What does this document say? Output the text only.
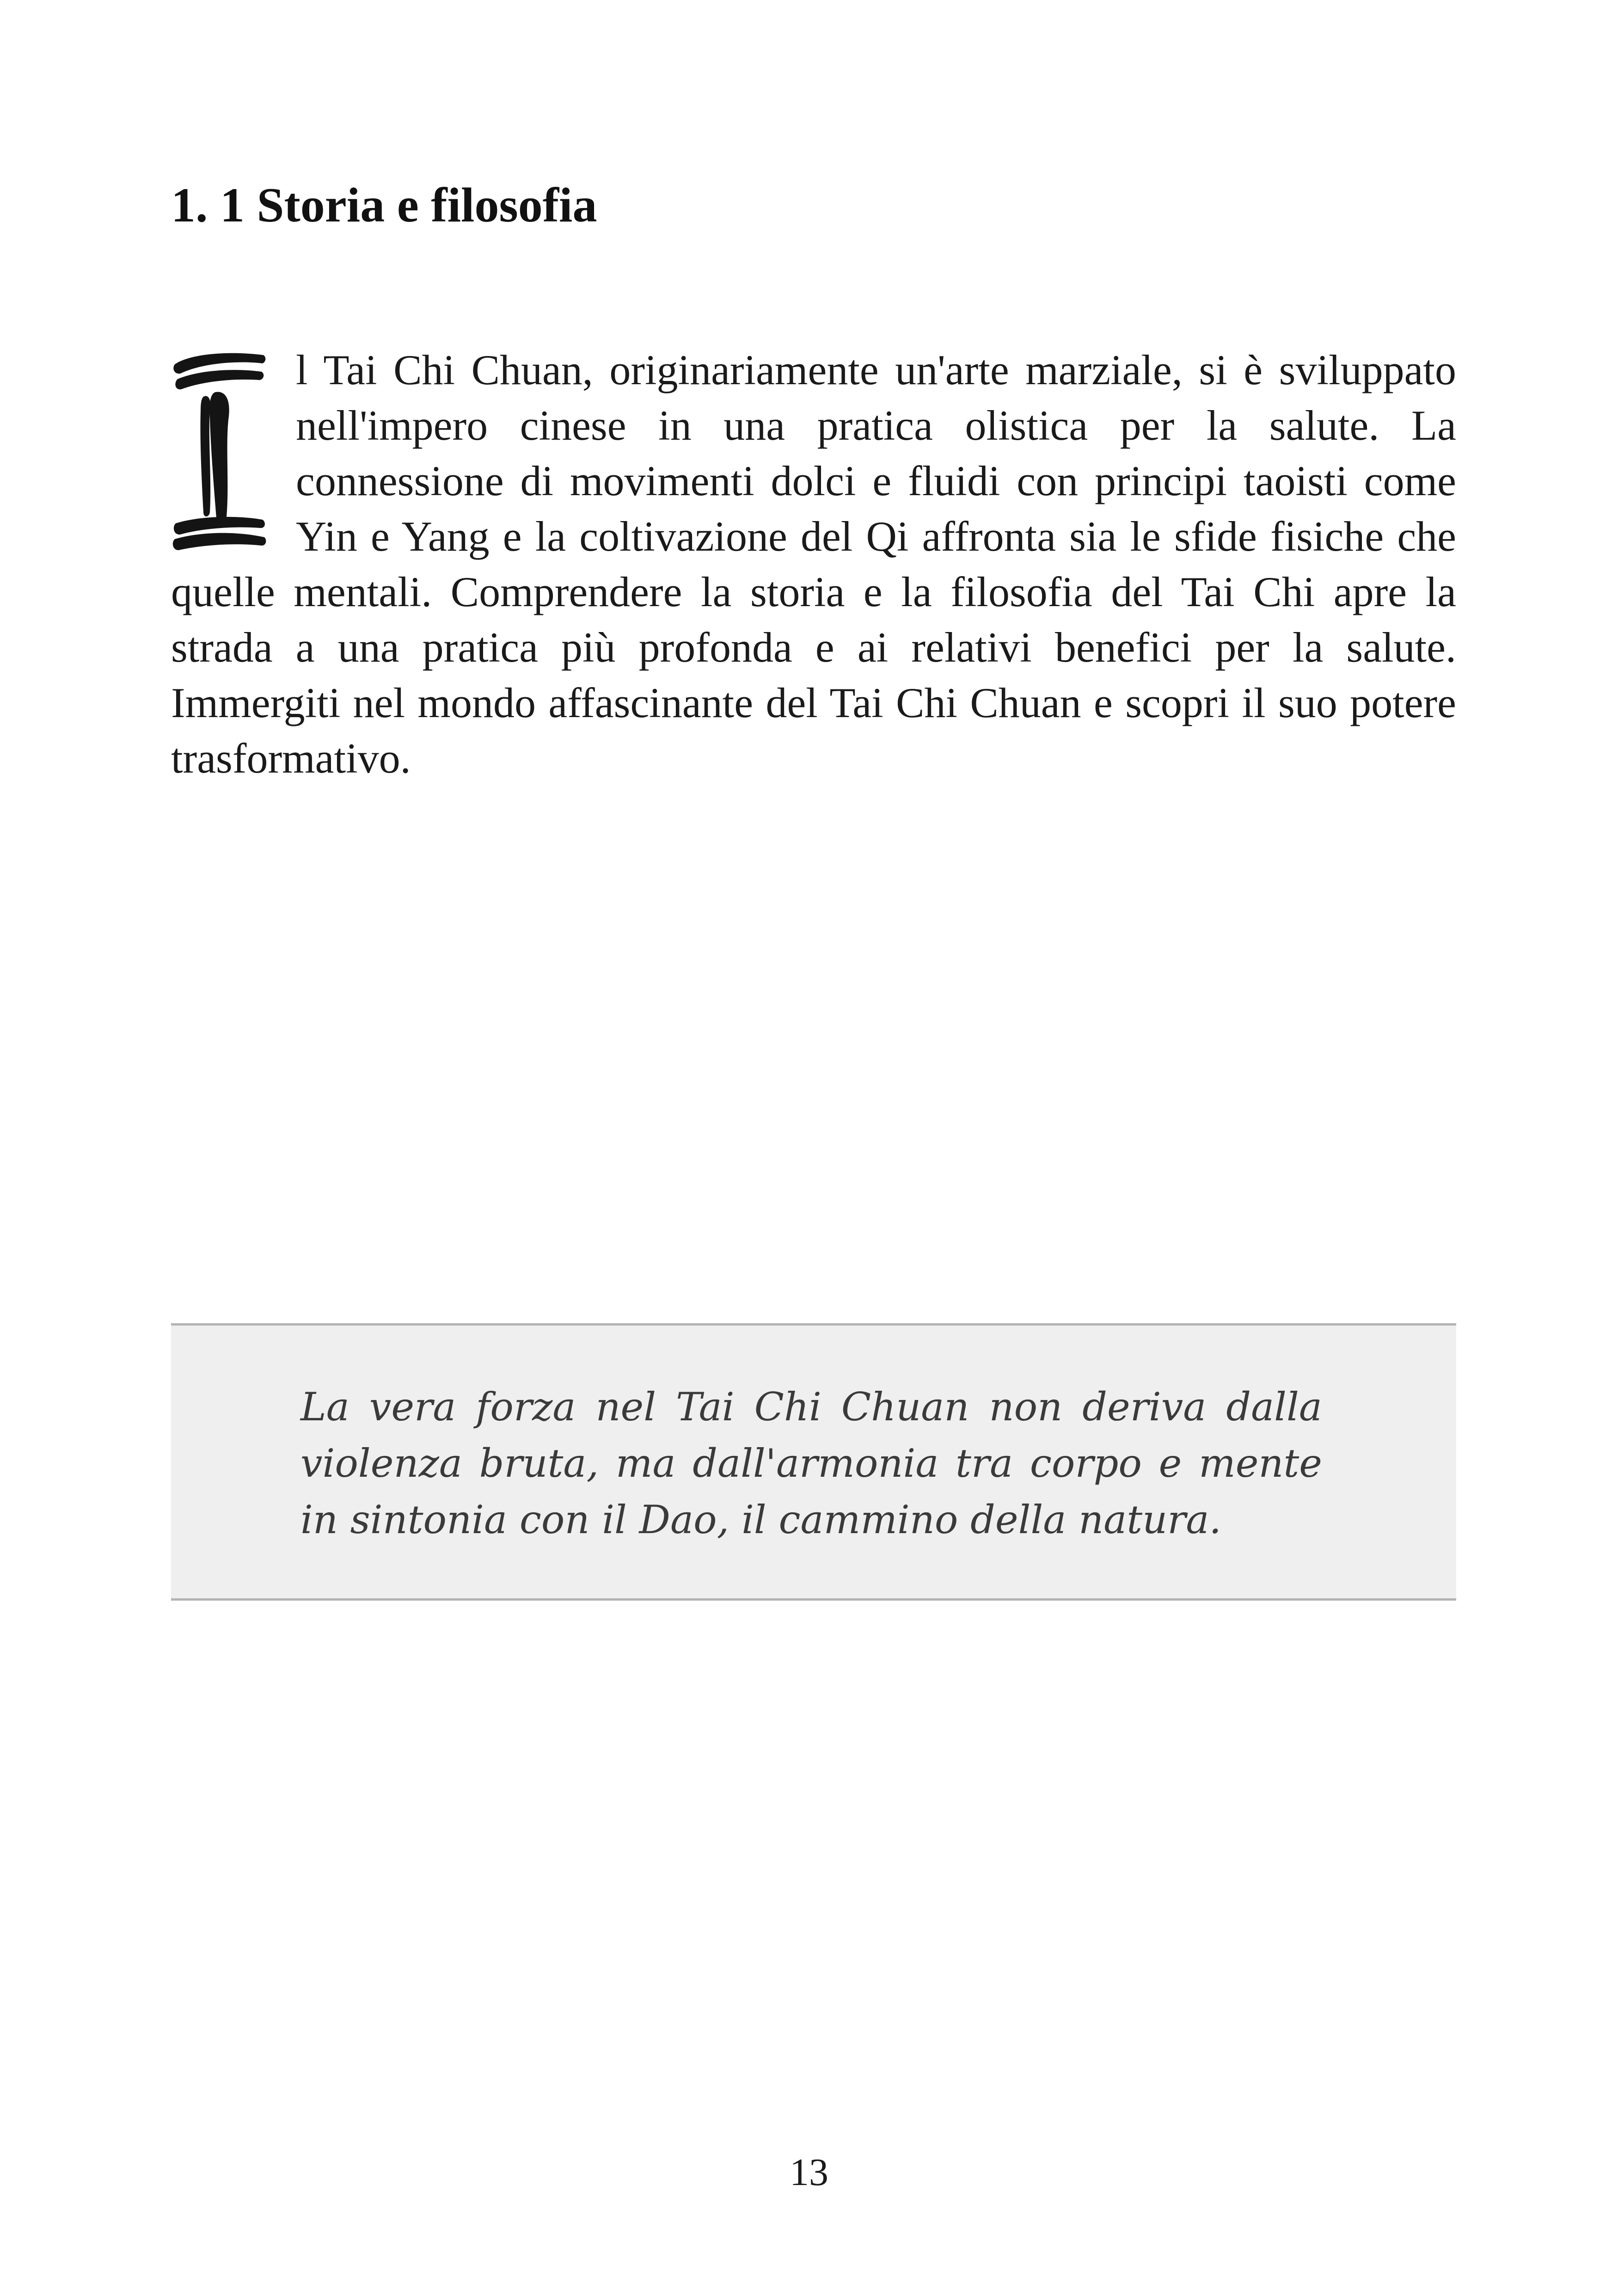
1. 1 Storia e filosofia

l Tai Chi Chuan, originariamente un'arte marziale, si è sviluppato nell'impero cinese in una pratica olistica per la salute. La connessione di movimenti dolci e fluidi con principi taoisti come Yin e Yang e la coltivazione del Qi affronta sia le sfide fisiche che quelle mentali. Comprendere la storia e la filosofia del Tai Chi apre la strada a una pratica più profonda e ai relativi benefici per la salute. Immergiti nel mondo affascinante del Tai Chi Chuan e scopri il suo potere trasformativo.

La vera forza nel Tai Chi Chuan non deriva dalla violenza bruta, ma dall'armonia tra corpo e mente in sintonia con il Dao, il cammino della natura.

13
